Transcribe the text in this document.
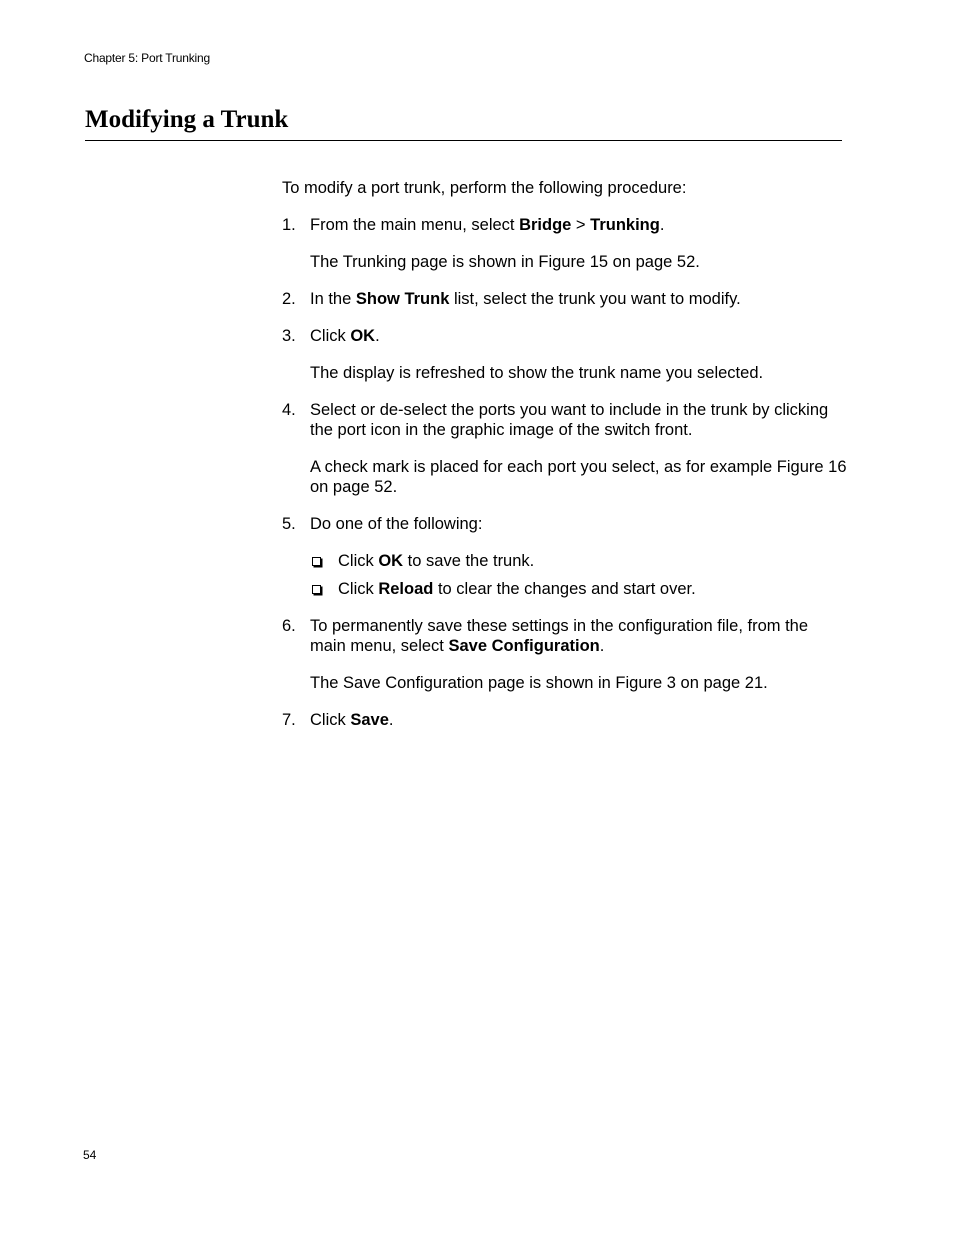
Chapter 5: Port Trunking
Modifying a Trunk

To modify a port trunk, perform the following procedure:

1. From the main menu, select Bridge > Trunking.

The Trunking page is shown in Figure 15 on page 52.

2. In the Show Trunk list, select the trunk you want to modify.
3. Click OK.

The display is refreshed to show the trunk name you selected.

4. Select or de-select the ports you want to include in the trunk by clicking the port icon in the graphic image of the switch front.

A check mark is placed for each port you select, as for example Figure 16 on page 52.

5. Do one of the following:
Click OK to save the trunk.
Click Reload to clear the changes and start over.
6. To permanently save these settings in the configuration file, from the main menu, select Save Configuration.

The Save Configuration page is shown in Figure 3 on page 21.

7. Click Save.
54
